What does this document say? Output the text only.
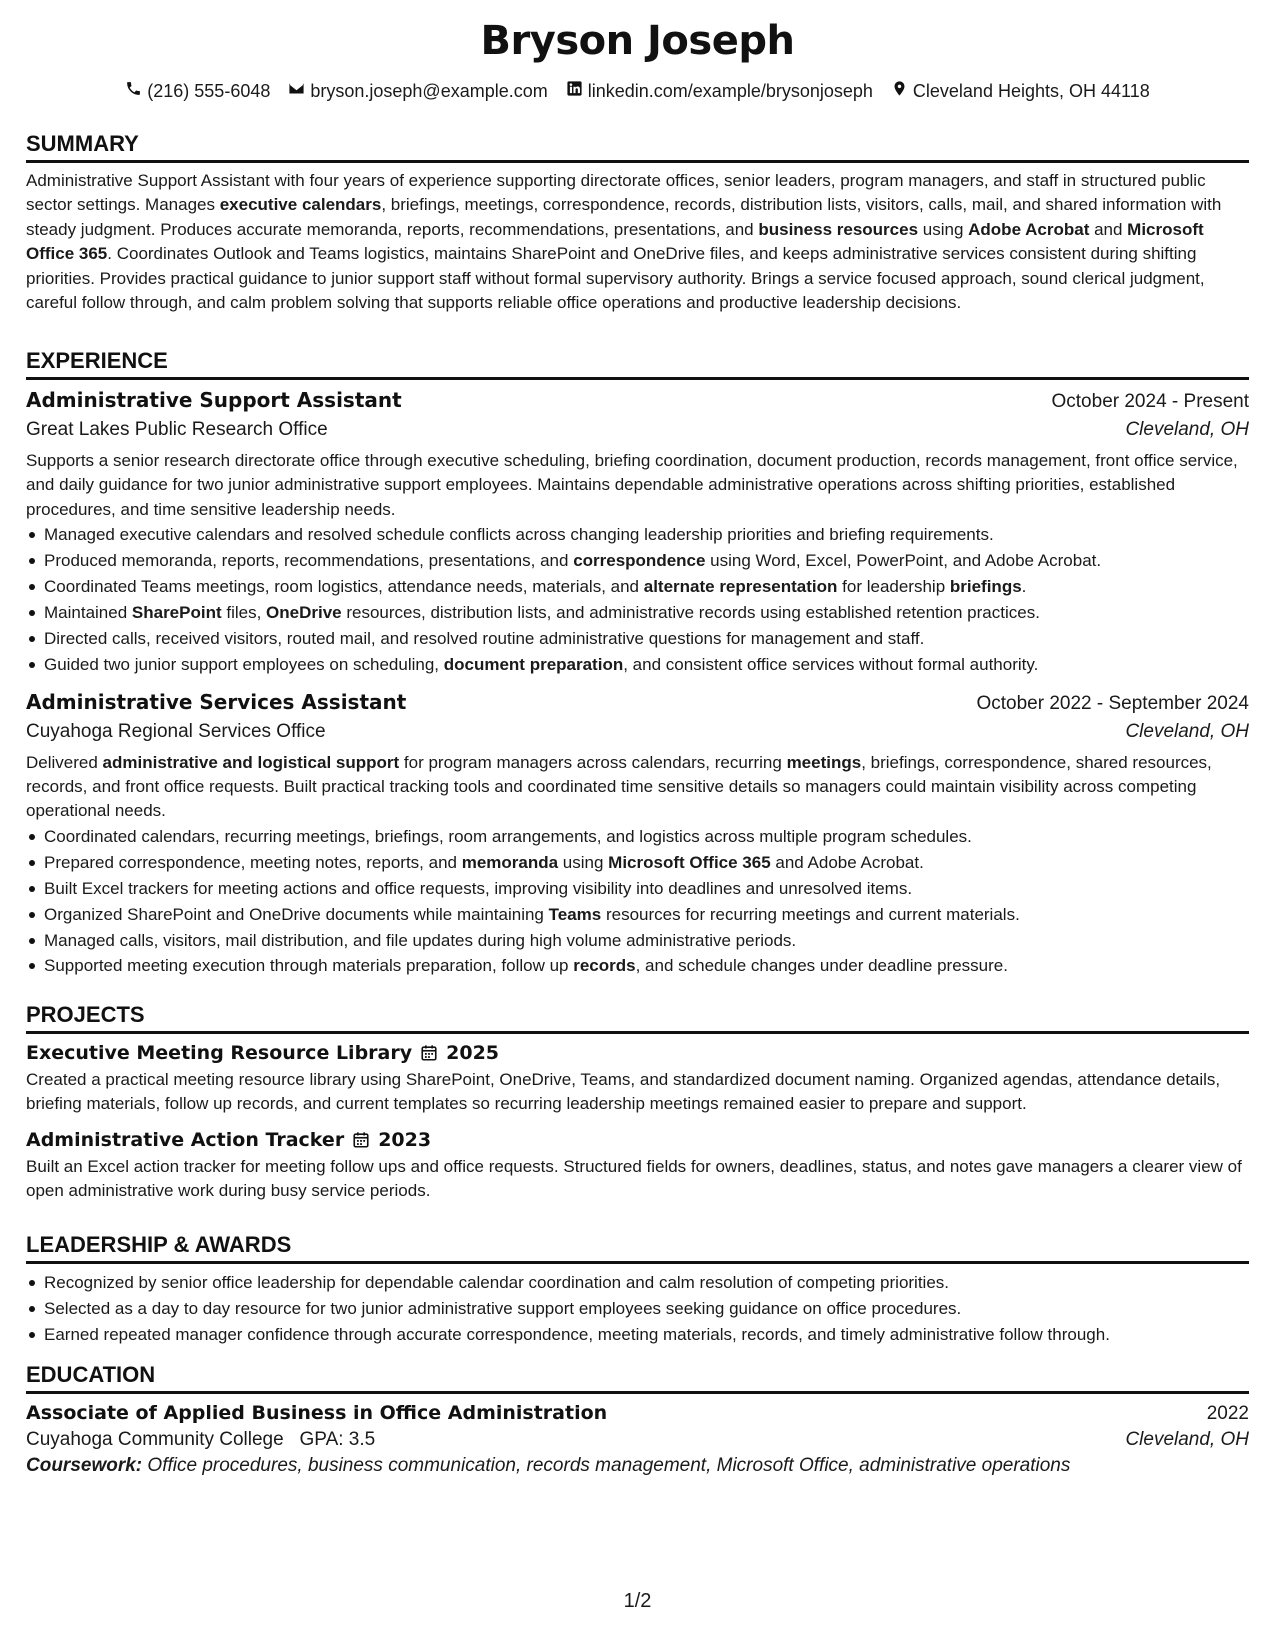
Bryson Joseph
(216) 555-6048 bryson.joseph@example.com linkedin.com/example/brysonjoseph Cleveland Heights, OH 44118
SUMMARY

Administrative Support Assistant with four years of experience supporting directorate offices, senior leaders, program managers, and staff in structured public sector settings. Manages executive calendars, briefings, meetings, correspondence, records, distribution lists, visitors, calls, mail, and shared information with steady judgment. Produces accurate memoranda, reports, recommendations, presentations, and business resources using Adobe Acrobat and Microsoft Office 365. Coordinates Outlook and Teams logistics, maintains SharePoint and OneDrive files, and keeps administrative services consistent during shifting priorities. Provides practical guidance to junior support staff without formal supervisory authority. Brings a service focused approach, sound clerical judgment, careful follow through, and calm problem solving that supports reliable office operations and productive leadership decisions.

EXPERIENCE
Administrative Support Assistant	October 2024 - Present
Great Lakes Public Research Office	Cleveland, OH

Supports a senior research directorate office through executive scheduling, briefing coordination, document production, records management, front office service, and daily guidance for two junior administrative support employees. Maintains dependable administrative operations across shifting priorities, established procedures, and time sensitive leadership needs.

Managed executive calendars and resolved schedule conflicts across changing leadership priorities and briefing requirements.
Produced memoranda, reports, recommendations, presentations, and correspondence using Word, Excel, PowerPoint, and Adobe Acrobat.
Coordinated Teams meetings, room logistics, attendance needs, materials, and alternate representation for leadership briefings.
Maintained SharePoint files, OneDrive resources, distribution lists, and administrative records using established retention practices.
Directed calls, received visitors, routed mail, and resolved routine administrative questions for management and staff.
Guided two junior support employees on scheduling, document preparation, and consistent office services without formal authority.
Administrative Services Assistant	October 2022 - September 2024
Cuyahoga Regional Services Office	Cleveland, OH

Delivered administrative and logistical support for program managers across calendars, recurring meetings, briefings, correspondence, shared resources, records, and front office requests. Built practical tracking tools and coordinated time sensitive details so managers could maintain visibility across competing operational needs.

Coordinated calendars, recurring meetings, briefings, room arrangements, and logistics across multiple program schedules.
Prepared correspondence, meeting notes, reports, and memoranda using Microsoft Office 365 and Adobe Acrobat.
Built Excel trackers for meeting actions and office requests, improving visibility into deadlines and unresolved items.
Organized SharePoint and OneDrive documents while maintaining Teams resources for recurring meetings and current materials.
Managed calls, visitors, mail distribution, and file updates during high volume administrative periods.
Supported meeting execution through materials preparation, follow up records, and schedule changes under deadline pressure.
PROJECTS
Executive Meeting Resource Library 2025

Created a practical meeting resource library using SharePoint, OneDrive, Teams, and standardized document naming. Organized agendas, attendance details, briefing materials, follow up records, and current templates so recurring leadership meetings remained easier to prepare and support.

Administrative Action Tracker 2023

Built an Excel action tracker for meeting follow ups and office requests. Structured fields for owners, deadlines, status, and notes gave managers a clearer view of open administrative work during busy service periods.

LEADERSHIP & AWARDS
Recognized by senior office leadership for dependable calendar coordination and calm resolution of competing priorities.
Selected as a day to day resource for two junior administrative support employees seeking guidance on office procedures.
Earned repeated manager confidence through accurate correspondence, meeting materials, records, and timely administrative follow through.
EDUCATION
Associate of Applied Business in Office Administration	2022
Cuyahoga Community College GPA: 3.5	Cleveland, OH
Coursework: Office procedures, business communication, records management, Microsoft Office, administrative operations
1/2
